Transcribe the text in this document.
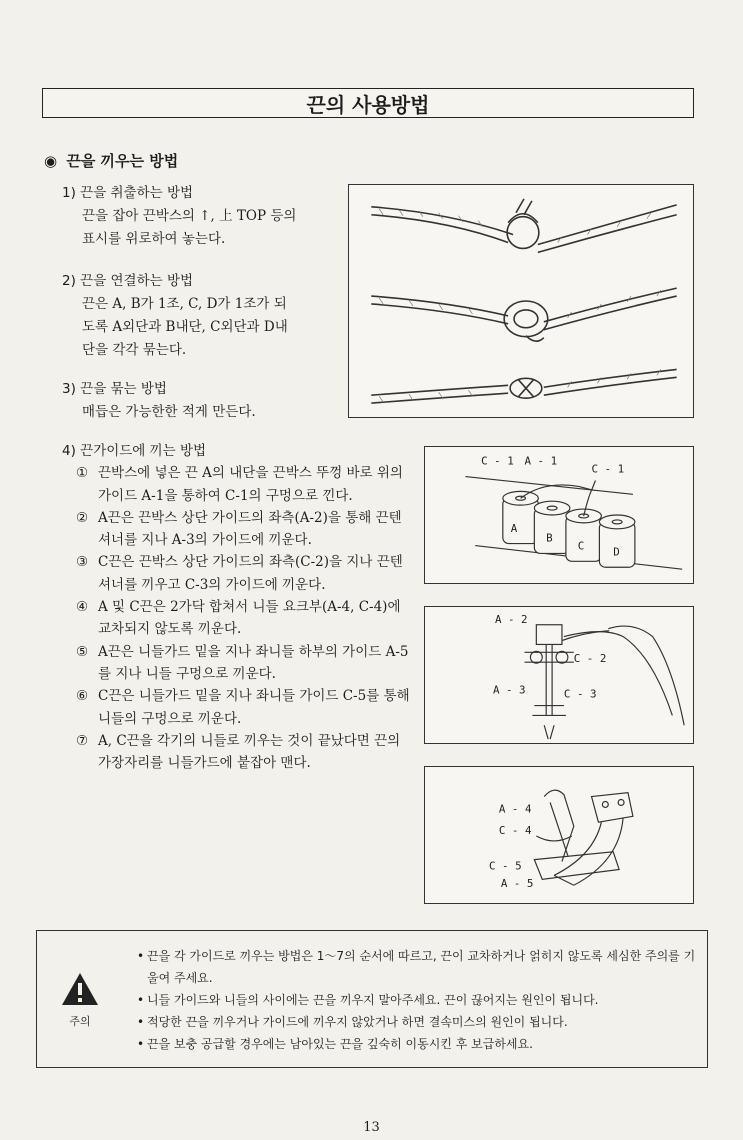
끈의 사용방법
◉ 끈을 끼우는 방법
1) 끈을 취출하는 방법
끈을 잡아 끈박스의 ↑, 上 TOP 등의
표시를 위로하여 놓는다.
2) 끈을 연결하는 방법
끈은 A, B가 1조, C, D가 1조가 되
도록 A외단과 B내단, C외단과 D내
단을 각각 묶는다.
3) 끈을 묶는 방법
매듭은 가능한한 적게 만든다.
4) 끈가이드에 끼는 방법
① 끈박스에 넣은 끈 A의 내단을 끈박스 뚜껑 바로 위의 가이드 A-1을 통하여 C-1의 구멍으로 낀다.
② A끈은 끈박스 상단 가이드의 좌측(A-2)을 통해 끈텐셔너를 지나 A-3의 가이드에 끼운다.
③ C끈은 끈박스 상단 가이드의 좌측(C-2)을 지나 끈텐셔너를 끼우고 C-3의 가이드에 끼운다.
④ A 및 C끈은 2가닥 합쳐서 니들 요크부(A-4, C-4)에 교차되지 않도록 끼운다.
⑤ A끈은 니들가드 밑을 지나 좌니들 하부의 가이드 A-5를 지나 니들 구멍으로 끼운다.
⑥ C끈은 니들가드 밑을 지나 좌니들 가이드 C-5를 통해 니들의 구멍으로 끼운다.
⑦ A, C끈을 각기의 니들로 끼우는 것이 끝났다면 끈의 가장자리를 니들가드에 붙잡아 맨다.
C - 1 A - 1
C - 1
A
B
C	D
A - 2
C - 2
A - 3	C - 3
A - 4
C - 4
C - 5
A - 5
주의
• 끈을 각 가이드로 끼우는 방법은 1～7의 순서에 따르고, 끈이 교차하거나 얽히지 않도록 세심한 주의를 기울여 주세요.
• 니들 가이드와 니들의 사이에는 끈을 끼우지 말아주세요. 끈이 끊어지는 원인이 됩니다.
• 적당한 끈을 끼우거나 가이드에 끼우지 않았거나 하면 결속미스의 원인이 됩니다.
• 끈을 보충 공급할 경우에는 남아있는 끈을 깊숙히 이동시킨 후 보급하세요.
13
